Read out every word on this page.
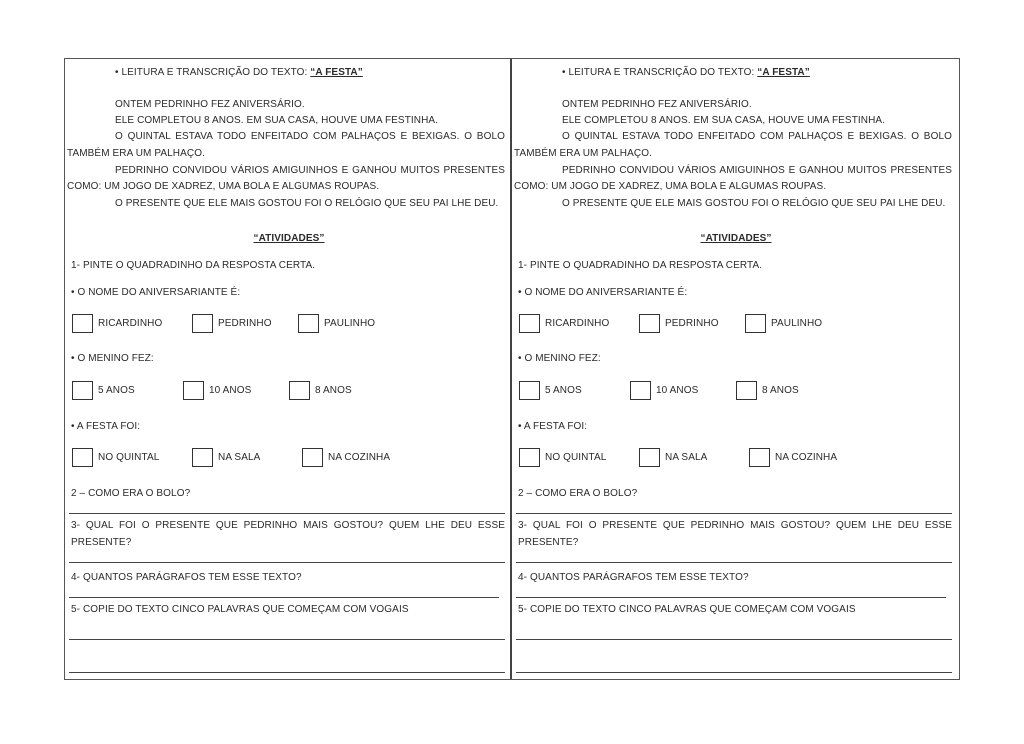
• LEITURA E TRANSCRIÇÃO DO TEXTO: “A FESTA”
ONTEM PEDRINHO FEZ ANIVERSÁRIO.
ELE COMPLETOU 8 ANOS. EM SUA CASA, HOUVE UMA FESTINHA.
O QUINTAL ESTAVA TODO ENFEITADO COM PALHAÇOS E BEXIGAS. O BOLO
TAMBÉM ERA UM PALHAÇO.
PEDRINHO CONVIDOU VÁRIOS AMIGUINHOS E GANHOU MUITOS PRESENTES
COMO: UM JOGO DE XADREZ, UMA BOLA E ALGUMAS ROUPAS.
O PRESENTE QUE ELE MAIS GOSTOU FOI O RELÓGIO QUE SEU PAI LHE DEU.
“ATIVIDADES”
1- PINTE O QUADRADINHO DA RESPOSTA CERTA.
• O NOME DO ANIVERSARIANTE É:
RICARDINHO	PEDRINHO	PAULINHO
• O MENINO FEZ:
5 ANOS	10 ANOS	8 ANOS
• A FESTA FOI:
NO QUINTAL	NA SALA	NA COZINHA
2 – COMO ERA O BOLO?
3- QUAL FOI O PRESENTE QUE PEDRINHO MAIS GOSTOU? QUEM LHE DEU ESSE
PRESENTE?
4- QUANTOS PARÁGRAFOS TEM ESSE TEXTO?
5- COPIE DO TEXTO CINCO PALAVRAS QUE COMEÇAM COM VOGAIS
• LEITURA E TRANSCRIÇÃO DO TEXTO: “A FESTA”
ONTEM PEDRINHO FEZ ANIVERSÁRIO.
ELE COMPLETOU 8 ANOS. EM SUA CASA, HOUVE UMA FESTINHA.
O QUINTAL ESTAVA TODO ENFEITADO COM PALHAÇOS E BEXIGAS. O BOLO
TAMBÉM ERA UM PALHAÇO.
PEDRINHO CONVIDOU VÁRIOS AMIGUINHOS E GANHOU MUITOS PRESENTES
COMO: UM JOGO DE XADREZ, UMA BOLA E ALGUMAS ROUPAS.
O PRESENTE QUE ELE MAIS GOSTOU FOI O RELÓGIO QUE SEU PAI LHE DEU.
“ATIVIDADES”
1- PINTE O QUADRADINHO DA RESPOSTA CERTA.
• O NOME DO ANIVERSARIANTE É:
RICARDINHO	PEDRINHO	PAULINHO
• O MENINO FEZ:
5 ANOS	10 ANOS	8 ANOS
• A FESTA FOI:
NO QUINTAL	NA SALA	NA COZINHA
2 – COMO ERA O BOLO?
3- QUAL FOI O PRESENTE QUE PEDRINHO MAIS GOSTOU? QUEM LHE DEU ESSE
PRESENTE?
4- QUANTOS PARÁGRAFOS TEM ESSE TEXTO?
5- COPIE DO TEXTO CINCO PALAVRAS QUE COMEÇAM COM VOGAIS
